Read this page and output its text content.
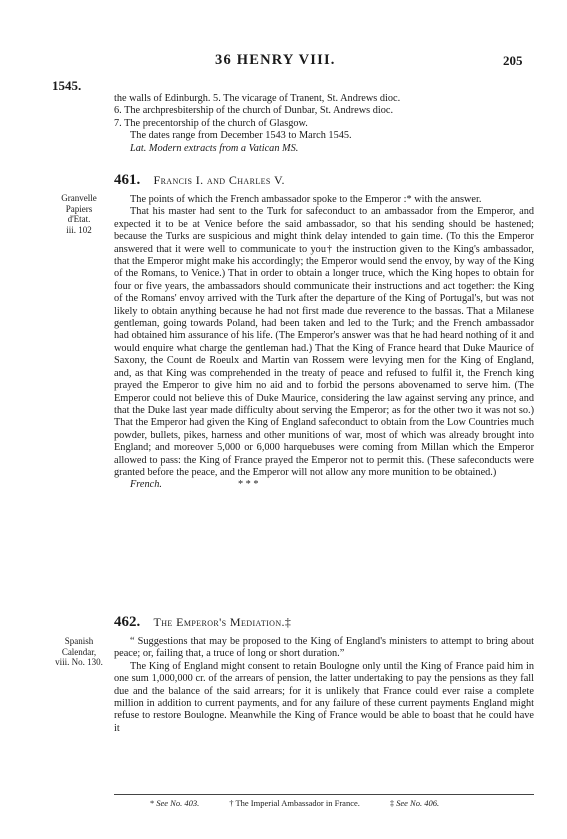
36 HENRY VIII.	205
1545.

the walls of Edinburgh. 5. The vicarage of Tranent, St. Andrews dioc.

6. The archpresbitership of the church of Dunbar, St. Andrews dioc.

7. The precentorship of the church of Glasgow.

The dates range from December 1543 to March 1545.

Lat. Modern extracts from a Vatican MS.

461. Francis I. and Charles V.
Granvelle
Papiers
d'Etat.
iii. 102

The points of which the French ambassador spoke to the Emperor :* with the answer.

That his master had sent to the Turk for safeconduct to an ambassador from the Emperor, and expected it to be at Venice before the said ambassador, so that his sending should be hastened; because the Turks are suspicious and might think delay intended to gain time. (To this the Emperor answered that it were well to communicate to you† the instruction given to the King's ambassador, that the Emperor might make his accordingly; the Emperor would send the envoy, by way of the King of the Romans, to Venice.) That in order to obtain a longer truce, which the King hopes to obtain for four or five years, the ambassadors should communicate their instructions and act together: the King of the Romans' envoy arrived with the Turk after the departure of the King of Portugal's, but was not likely to obtain anything because he had not first made due reverence to the bassas. That a Milanese gentleman, going towards Poland, had been taken and led to the Turk; and the French ambassador had obtained him assurance of his life. (The Emperor's answer was that he had heard nothing of it and would enquire what charge the gentleman had.) That the King of France heard that Duke Maurice of Saxony, the Count de Roeulx and Martin van Rossem were levying men for the King of England, and, as that King was comprehended in the treaty of peace and refused to fulfil it, the French king prayed the Emperor to give him no aid and to forbid the persons abovenamed to serve him. (The Emperor could not believe this of Duke Maurice, considering the law against serving any prince, and that the Duke last year made difficulty about serving the Emperor; as for the other two it was not so.) That the Emperor had given the King of England safeconduct to obtain from the Low Countries much powder, bullets, pikes, harness and other munitions of war, most of which was already brought into England; and moreover 5,000 or 6,000 harquebuses were coming from Millan which the Emperor allowed to pass: the King of France prayed the Emperor not to permit this. (These safeconducts were granted before the peace, and the Emperor will not allow any more munition to be obtained.)

French.	* * *

462. The Emperor's Mediation.‡
Spanish
Calendar,
viii. No. 130.

“ Suggestions that may be proposed to the King of England's ministers to attempt to bring about peace; or, failing that, a truce of long or short duration.”

The King of England might consent to retain Boulogne only until the King of France paid him in one sum 1,000,000 cr. of the arrears of pension, the latter undertaking to pay the pensions as they fall due and the balance of the said arrears; for it is unlikely that France could ever raise a complete million in addition to current payments, and for any failure of these current payments England might refuse to restore Boulogne. Meanwhile the King of France would be able to boast that he could have it

* See No. 403.	† The Imperial Ambassador in France.	‡ See No. 406.
